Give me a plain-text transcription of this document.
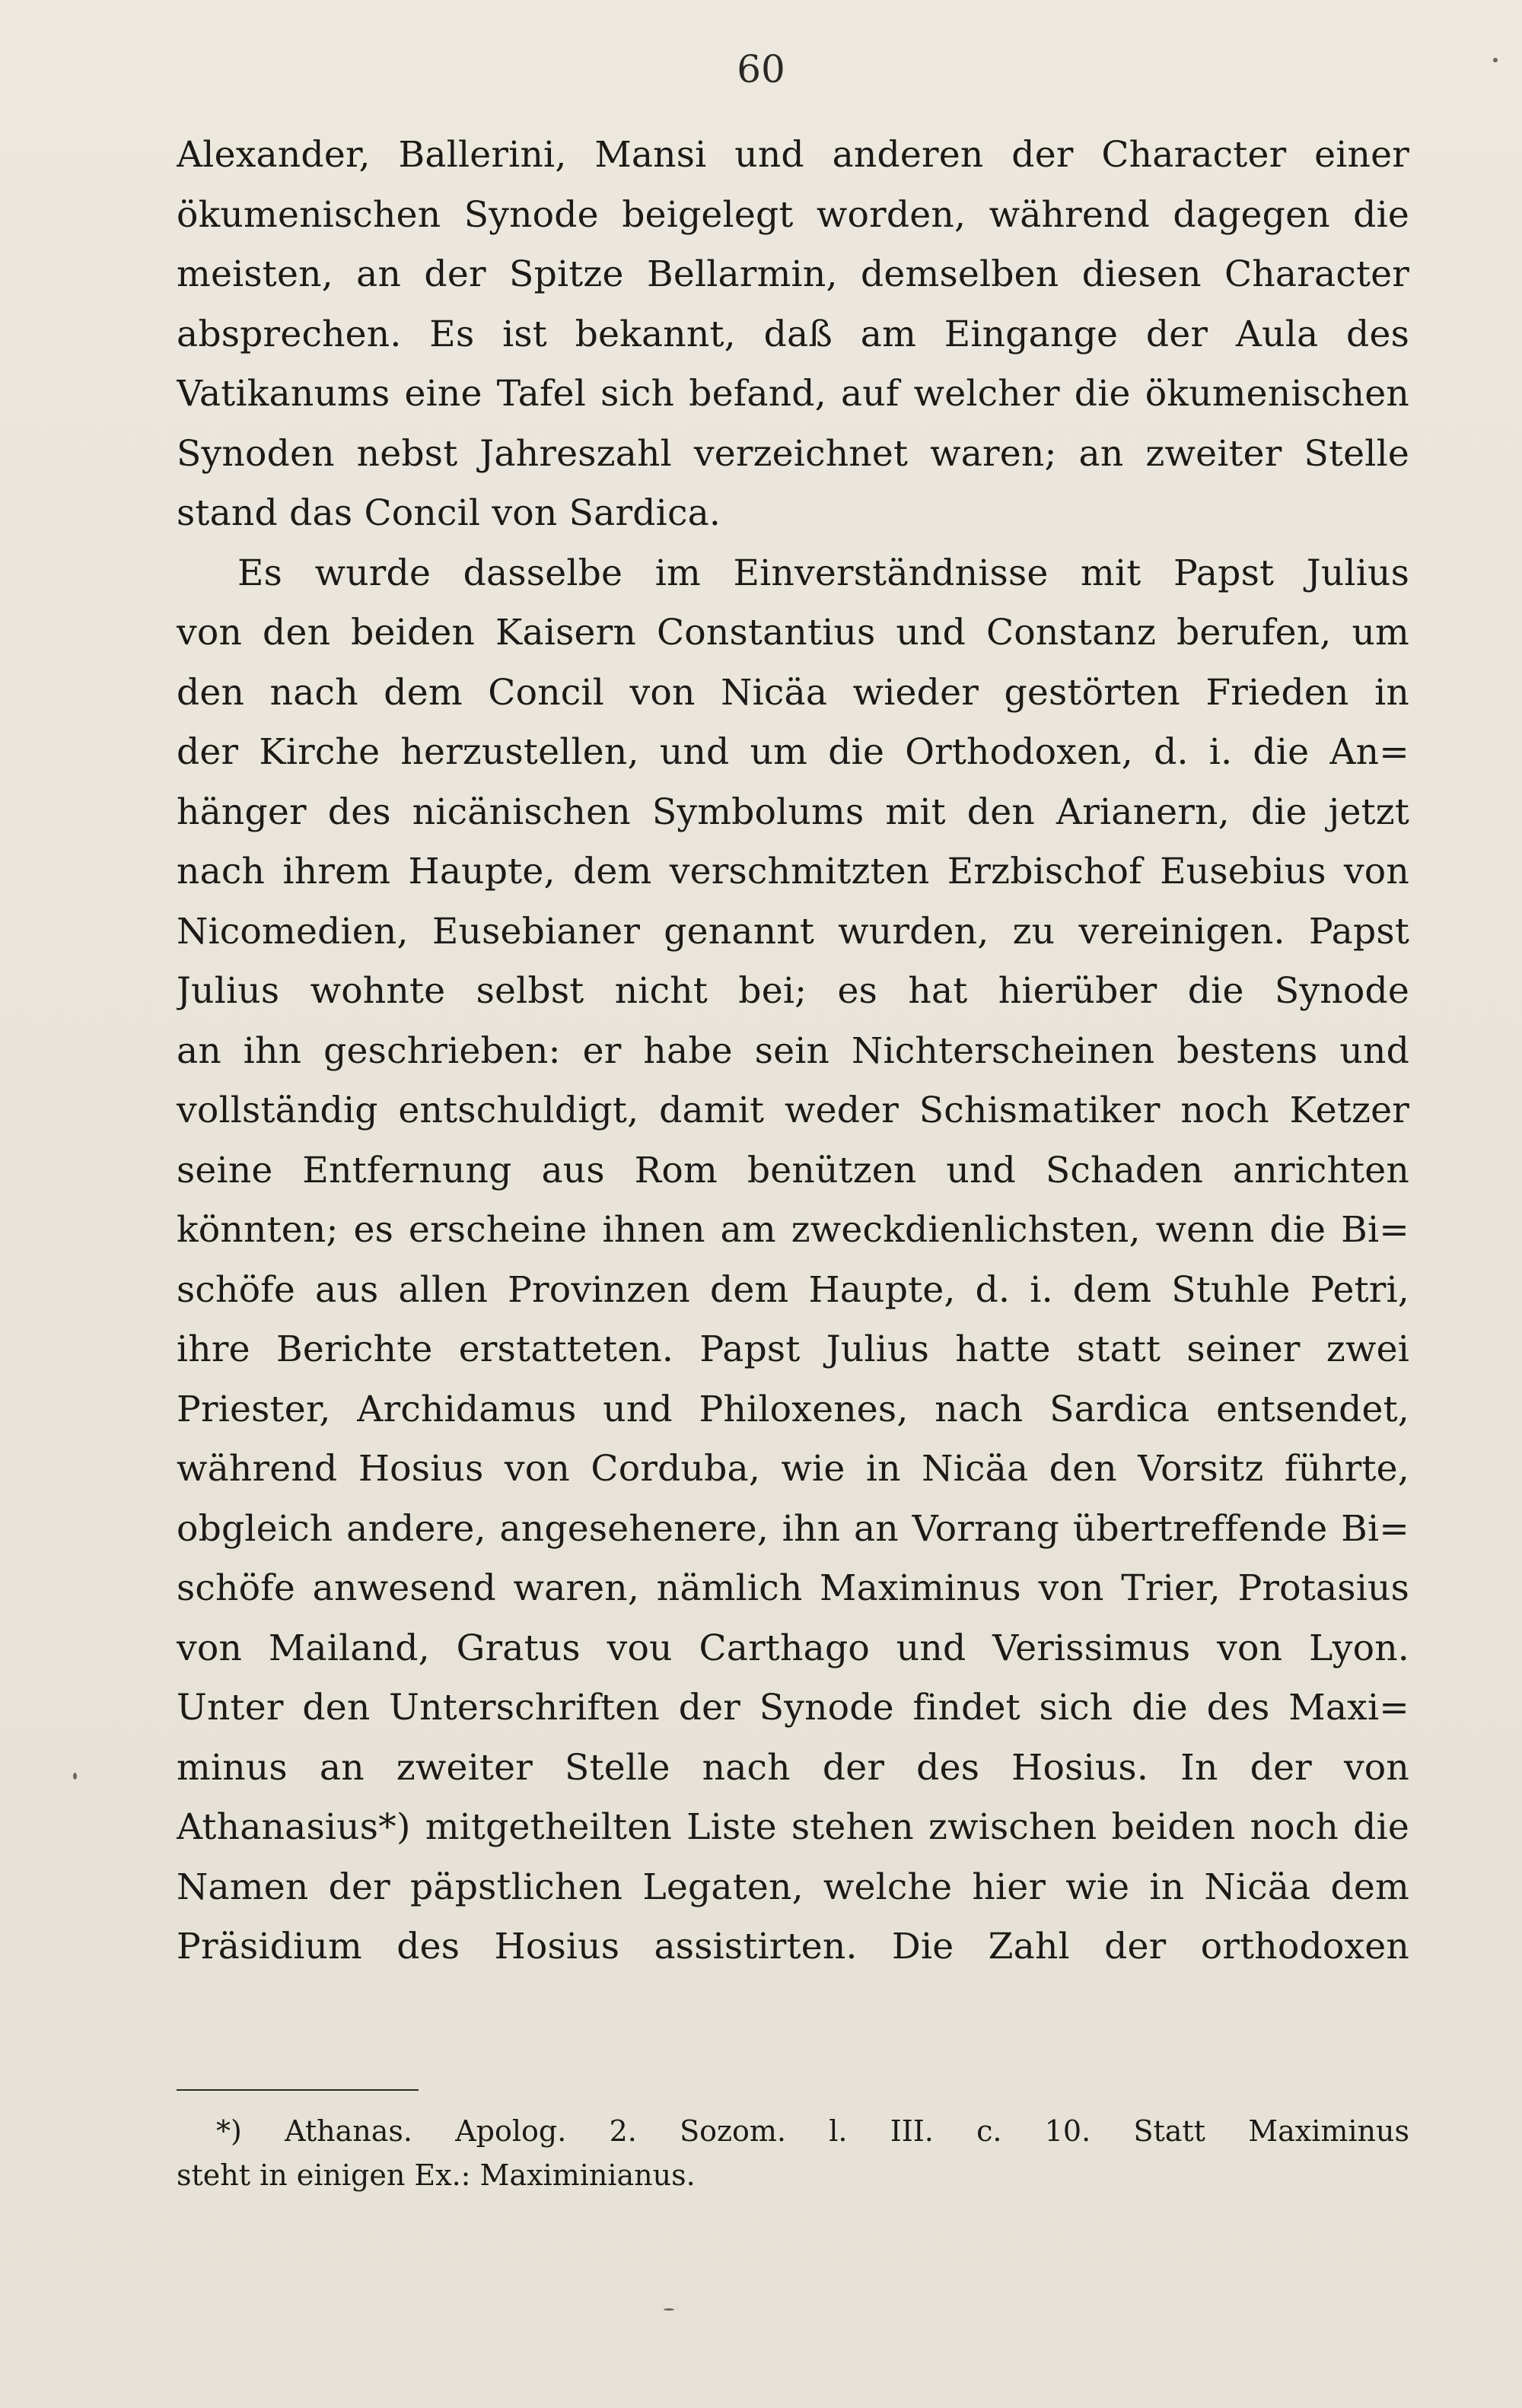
60
Alexander, Ballerini, Mansi und anderen der Character einer
ökumenischen Synode beigelegt worden, während dagegen die
meisten, an der Spitze Bellarmin, demselben diesen Character
absprechen. Es ist bekannt, daß am Eingange der Aula des
Vatikanums eine Tafel sich befand, auf welcher die ökumenischen
Synoden nebst Jahreszahl verzeichnet waren; an zweiter Stelle
stand das Concil von Sardica.
Es wurde dasselbe im Einverständnisse mit Papst Julius
von den beiden Kaisern Constantius und Constanz berufen, um
den nach dem Concil von Nicäa wieder gestörten Frieden in
der Kirche herzustellen, und um die Orthodoxen, d. i. die An=
hänger des nicänischen Symbolums mit den Arianern, die jetzt
nach ihrem Haupte, dem verschmitzten Erzbischof Eusebius von
Nicomedien, Eusebianer genannt wurden, zu vereinigen. Papst
Julius wohnte selbst nicht bei; es hat hierüber die Synode
an ihn geschrieben: er habe sein Nichterscheinen bestens und
vollständig entschuldigt, damit weder Schismatiker noch Ketzer
seine Entfernung aus Rom benützen und Schaden anrichten
könnten; es erscheine ihnen am zweckdienlichsten, wenn die Bi=
schöfe aus allen Provinzen dem Haupte, d. i. dem Stuhle Petri,
ihre Berichte erstatteten. Papst Julius hatte statt seiner zwei
Priester, Archidamus und Philoxenes, nach Sardica entsendet,
während Hosius von Corduba, wie in Nicäa den Vorsitz führte,
obgleich andere, angesehenere, ihn an Vorrang übertreffende Bi=
schöfe anwesend waren, nämlich Maximinus von Trier, Protasius
von Mailand, Gratus vou Carthago und Verissimus von Lyon.
Unter den Unterschriften der Synode findet sich die des Maxi=
minus an zweiter Stelle nach der des Hosius. In der von
Athanasius*) mitgetheilten Liste stehen zwischen beiden noch die
Namen der päpstlichen Legaten, welche hier wie in Nicäa dem
Präsidium des Hosius assistirten. Die Zahl der orthodoxen
*) Athanas. Apolog. 2. Sozom. l. III. c. 10. Statt Maximinus
steht in einigen Ex.: Maximinianus.
